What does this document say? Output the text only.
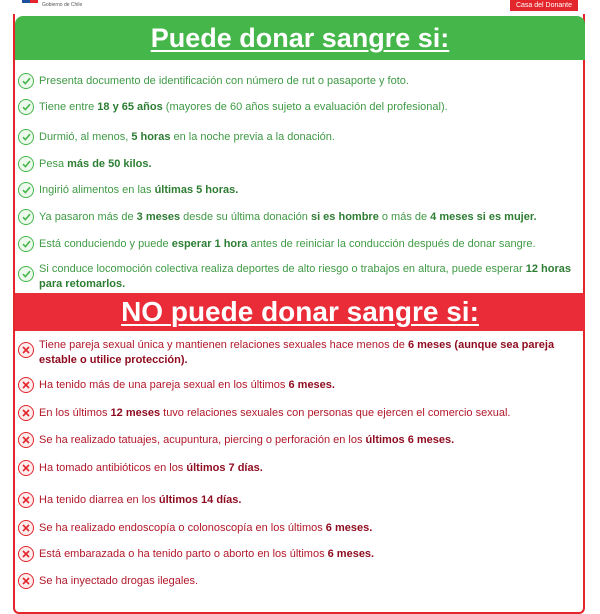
Gobierno de Chile	Casa del Donante
Puede donar sangre si:
Presenta documento de identificación con número de rut o pasaporte y foto.
Tiene entre 18 y 65 años (mayores de 60 años sujeto a evaluación del profesional).
Durmió, al menos, 5 horas en la noche previa a la donación.
Pesa más de 50 kilos.
Ingirió alimentos en las últimas 5 horas.
Ya pasaron más de 3 meses desde su última donación si es hombre o más de 4 meses si es mujer.
Está conduciendo y puede esperar 1 hora antes de reiniciar la conducción después de donar sangre.
Si conduce locomoción colectiva realiza deportes de alto riesgo o trabajos en altura, puede esperar 12 horas para retomarlos.
NO puede donar sangre si:
Tiene pareja sexual única y mantienen relaciones sexuales hace menos de 6 meses (aunque sea pareja estable o utilice protección).
Ha tenido más de una pareja sexual en los últimos 6 meses.
En los últimos 12 meses tuvo relaciones sexuales con personas que ejercen el comercio sexual.
Se ha realizado tatuajes, acupuntura, piercing o perforación en los últimos 6 meses.
Ha tomado antibióticos en los últimos 7 días.
Ha tenido diarrea en los últimos 14 días.
Se ha realizado endoscopía o colonoscopía en los últimos 6 meses.
Está embarazada o ha tenido parto o aborto en los últimos 6 meses.
Se ha inyectado drogas ilegales.
